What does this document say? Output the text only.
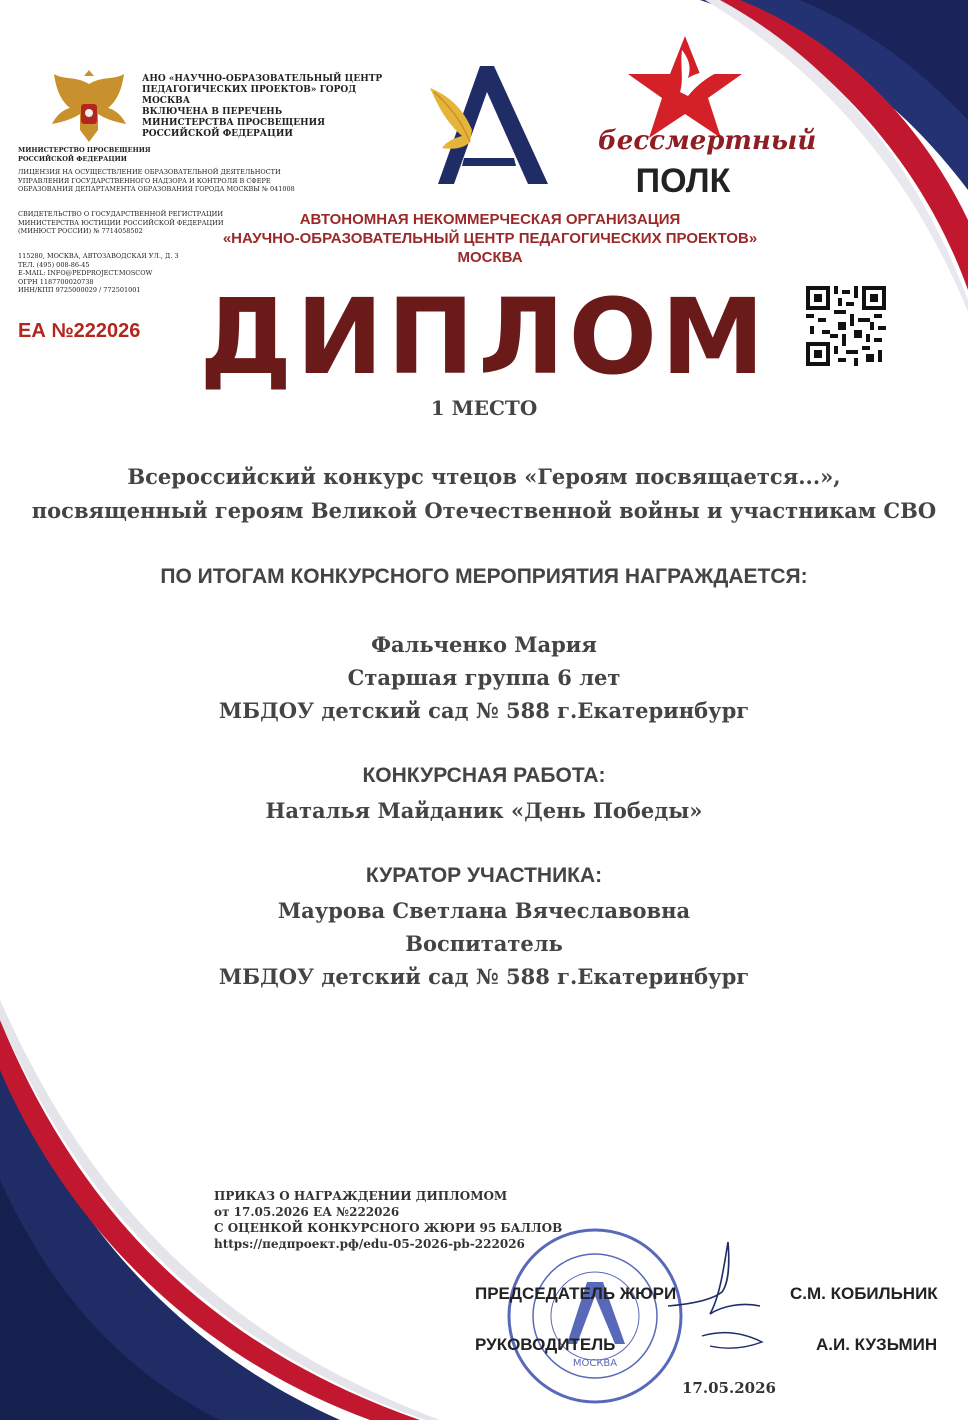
МИНИСТЕРСТВО ПРОСВЕЩЕНИЯ
РОССИЙСКОЙ ФЕДЕРАЦИИ
АНО «НАУЧНО-ОБРАЗОВАТЕЛЬНЫЙ ЦЕНТР
ПЕДАГОГИЧЕСКИХ ПРОЕКТОВ» ГОРОД МОСКВА
ВКЛЮЧЕНА В ПЕРЕЧЕНЬ
МИНИСТЕРСТВА ПРОСВЕЩЕНИЯ
РОССИЙСКОЙ ФЕДЕРАЦИИ
ЛИЦЕНЗИЯ НА ОСУЩЕСТВЛЕНИЕ ОБРАЗОВАТЕЛЬНОЙ ДЕЯТЕЛЬНОСТИ
УПРАВЛЕНИЯ ГОСУДАРСТВЕННОГО НАДЗОРА И КОНТРОЛЯ В СФЕРЕ
ОБРАЗОВАНИЯ ДЕПАРТАМЕНТА ОБРАЗОВАНИЯ ГОРОДА МОСКВЫ № 041008
СВИДЕТЕЛЬСТВО О ГОСУДАРСТВЕННОЙ РЕГИСТРАЦИИ
МИНИСТЕРСТВА ЮСТИЦИИ РОССИЙСКОЙ ФЕДЕРАЦИИ
(МИНЮСТ РОССИИ) № 7714058502
115280, МОСКВА, АВТОЗАВОДСКАЯ УЛ., Д. 3
ТЕЛ. (495) 008-86-45
E-MAIL: INFO@PEDPROJECT.MOSCOW
ОГРН 1187700020738
ИНН/КПП 9725000029 / 772501001
ЕА №222026
бессмертный
ПОЛК
АВТОНОМНАЯ НЕКОММЕРЧЕСКАЯ ОРГАНИЗАЦИЯ
«НАУЧНО-ОБРАЗОВАТЕЛЬНЫЙ ЦЕНТР ПЕДАГОГИЧЕСКИХ ПРОЕКТОВ»
МОСКВА
ДИПЛОМ
1 МЕСТО
Всероссийский конкурс чтецов «Героям посвящается...»,
посвященный героям Великой Отечественной войны и участникам СВО
ПО ИТОГАМ КОНКУРСНОГО МЕРОПРИЯТИЯ НАГРАЖДАЕТСЯ:
Фальченко Мария
Старшая группа 6 лет
МБДОУ детский сад № 588 г.Екатеринбург
КОНКУРСНАЯ РАБОТА:
Наталья Майданик «День Победы»
КУРАТОР УЧАСТНИКА:
Маурова Светлана Вячеславовна
Воспитатель
МБДОУ детский сад № 588 г.Екатеринбург
ПРИКАЗ О НАГРАЖДЕНИИ ДИПЛОМОМ
от 17.05.2026 ЕА №222026
С ОЦЕНКОЙ КОНКУРСНОГО ЖЮРИ 95 БАЛЛОВ
https://педпроект.рф/edu-05-2026-pb-222026
МОСКВА
ПРЕДСЕДАТЕЛЬ ЖЮРИ	С.М. КОБИЛЬНИК
РУКОВОДИТЕЛЬ	А.И. КУЗЬМИН
17.05.2026
